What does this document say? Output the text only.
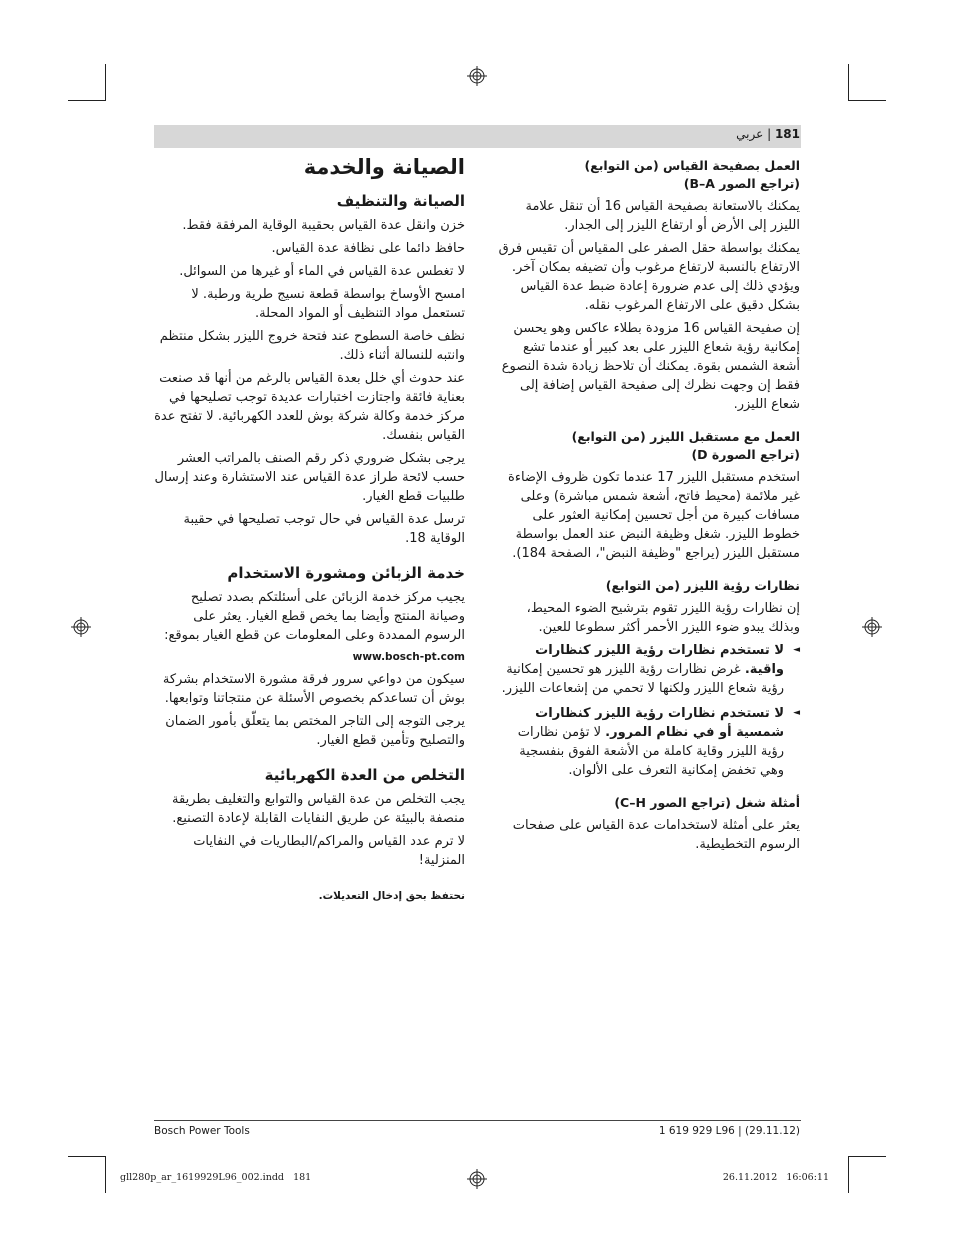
181 | عربي
العمل بصفيحة القياس (من التوابع)
(تراجع الصور B–A)

يمكنك بالاستعانة بصفيحة القياس 16 أن تنقل علامة الليزر إلى الأرض أو ارتفاع الليزر إلى الجدار.

يمكنك بواسطة حقل الصفر على المقياس أن تقيس فرق الارتفاع بالنسبة لارتفاع مرغوب وأن تضيفه بمكان آخر. ويؤدي ذلك إلى عدم ضرورة إعادة ضبط عدة القياس بشكل دقيق على الارتفاع المرغوب نقله.

إن صفيحة القياس 16 مزودة بطلاء عاكس وهو يحسن إمكانية رؤية شعاع الليزر على بعد كبير أو عندما تشع أشعة الشمس بقوة. يمكنك أن تلاحظ زيادة شدة النصوع فقط إن وجهت نظرك إلى صفيحة القياس إضافة إلى شعاع الليزر.

العمل مع مستقبل الليزر (من التوابع)
(تراجع الصورة D)

استخدم مستقبل الليزر 17 عندما تكون ظروف الإضاءة غير ملائمة (محيط فاتح، أشعة شمس مباشرة) وعلى مسافات كبيرة من أجل تحسين إمكانية العثور على خطوط الليزر. شغل وظيفة النبض عند العمل بواسطة مستقبل الليزر (يراجع "وظيفة النبض"، الصفحة 184).

نظارات رؤية الليزر (من التوابع)

إن نظارات رؤية الليزر تقوم بترشيح الضوء المحيط، وبذلك يبدو ضوء الليزر الأحمر أكثر سطوعا للعين.

◄
لا تستخدم نظارات رؤية الليزر كنظارات واقية. غرض نظارات رؤية الليزر هو تحسين إمكانية رؤية شعاع الليزر ولكنها لا تحمي من إشعاعات الليزر.
◄
لا تستخدم نظارات رؤية الليزر كنظارات شمسية أو في نظام المرور. لا تؤمن نظارات رؤية الليزر وقاية كاملة من الأشعة الفوق بنفسجية وهي تخفض إمكانية التعرف على الألوان.
أمثلة شغل (تراجع الصور C–H)

يعثر على أمثلة لاستخدامات عدة القياس على صفحات الرسوم التخطيطية.

الصيانة والخدمة
الصيانة والتنظيف

خزن وانقل عدة القياس بحقيبة الوقاية المرفقة فقط.

حافظ دائما على نظافة عدة القياس.

لا تغطس عدة القياس في الماء أو غيرها من السوائل.

امسح الأوساخ بواسطة قطعة نسيج طرية ورطبة. لا تستعمل مواد التنظيف أو المواد المحلة.

نظف خاصة السطوح عند فتحة خروج الليزر بشكل منتظم وانتبه للنسالة أثناء ذلك.

عند حدوث أي خلل بعدة القياس بالرغم من أنها قد صنعت بعناية فائقة واجتازت اختبارات عديدة توجب تصليحها في مركز خدمة وكالة شركة بوش للعدد الكهربائية. لا تفتح عدة القياس بنفسك.

يرجى بشكل ضروري ذكر رقم الصنف بالمراتب العشر حسب لائحة طراز عدة القياس عند الاستشارة وعند إرسال طلبيات قطع الغيار.

ترسل عدة القياس في حال توجب تصليحها في حقيبة الوقاية 18.

خدمة الزبائن ومشورة الاستخدام

يجيب مركز خدمة الزبائن على أسئلتكم بصدد تصليح وصيانة المنتج وأيضا بما يخص قطع الغيار. يعثر على الرسوم الممددة وعلى المعلومات عن قطع الغيار بموقع:

www.bosch-pt.com

سيكون من دواعي سرور فرقة مشورة الاستخدام بشركة بوش أن تساعدكم بخصوص الأسئلة عن منتجاتنا وتوابعها.

يرجى التوجه إلى التاجر المختص بما يتعلّق بأمور الضمان والتصليح وتأمين قطع الغيار.

التخلص من العدة الكهربائية

يجب التخلص من عدة القياس والتوابع والتغليف بطريقة منصفة بالبيئة عن طريق النفايات القابلة لإعادة التصنيع.

لا ترم عدد القياس والمراكم/البطاريات في النفايات المنزلية!

نحتفظ بحق إدخال التعديلات.
Bosch Power Tools	1 619 929 L96 | (29.11.12)
gll280p_ar_1619929L96_002.indd   181	26.11.2012   16:06:11
